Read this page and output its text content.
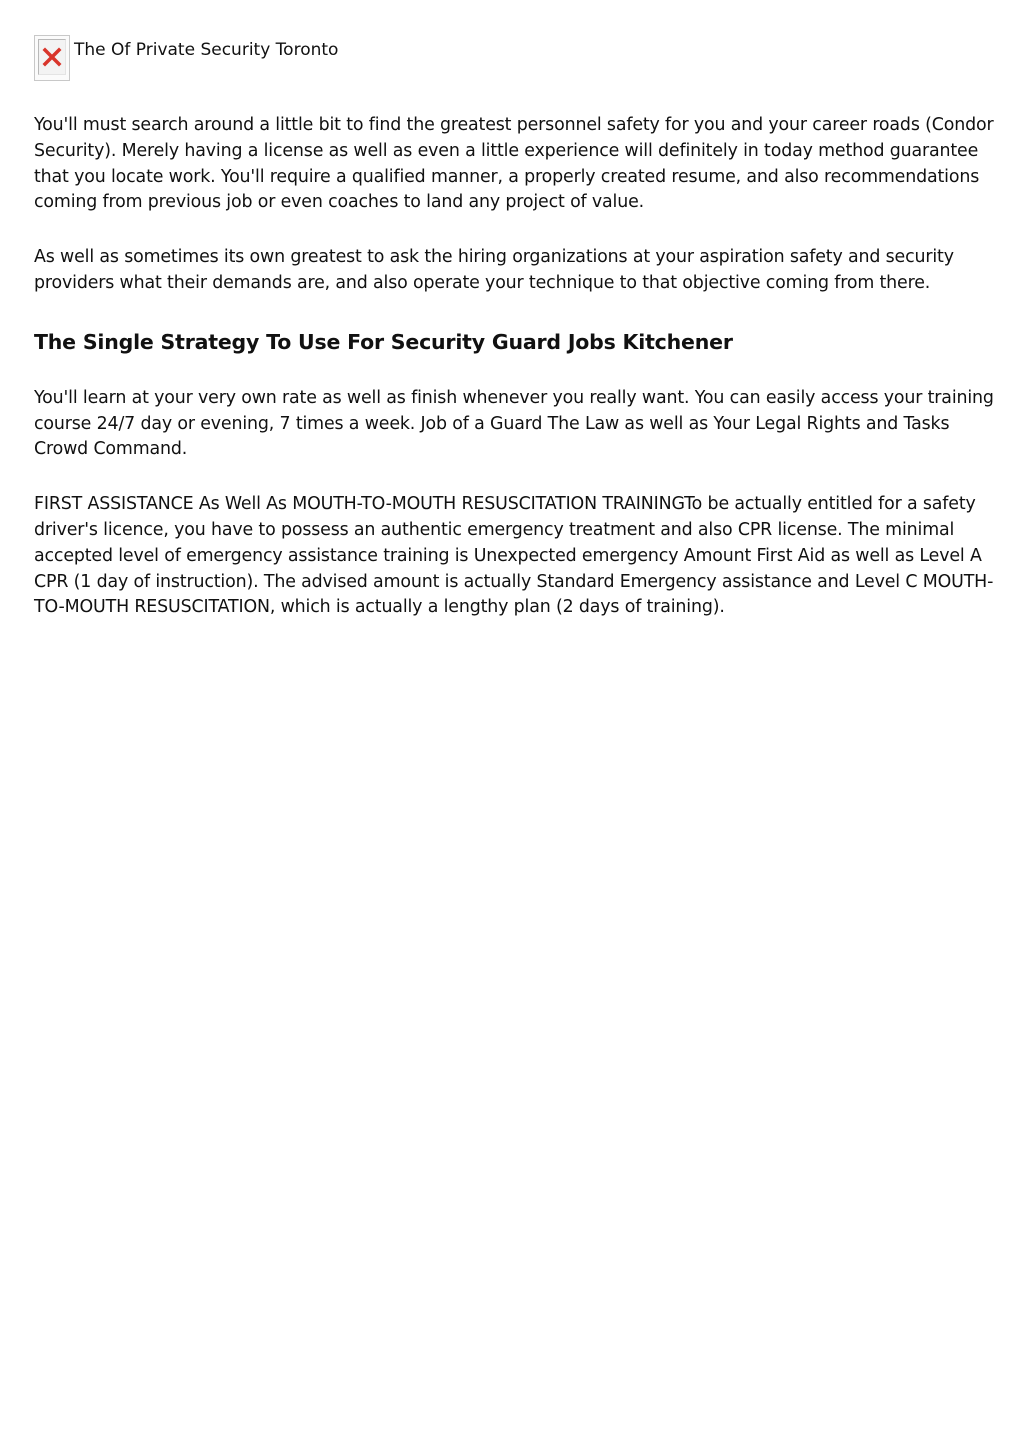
The Of Private Security Toronto

You'll must search around a little bit to find the greatest personnel safety for you and your career roads (Condor Security). Merely having a license as well as even a little experience will definitely in today method guarantee that you locate work. You'll require a qualified manner, a properly created resume, and also recommendations coming from previous job or even coaches to land any project of value.

As well as sometimes its own greatest to ask the hiring organizations at your aspiration safety and security providers what their demands are, and also operate your technique to that objective coming from there.

The Single Strategy To Use For Security Guard Jobs Kitchener

You'll learn at your very own rate as well as finish whenever you really want. You can easily access your training course 24/7 day or evening, 7 times a week. Job of a Guard The Law as well as Your Legal Rights and Tasks Crowd Command.

FIRST ASSISTANCE As Well As MOUTH-TO-MOUTH RESUSCITATION TRAININGTo be actually entitled for a safety driver's licence, you have to possess an authentic emergency treatment and also CPR license. The minimal accepted level of emergency assistance training is Unexpected emergency Amount First Aid as well as Level A CPR (1 day of instruction). The advised amount is actually Standard Emergency assistance and Level C MOUTH-TO-MOUTH RESUSCITATION, which is actually a lengthy plan (2 days of training).
